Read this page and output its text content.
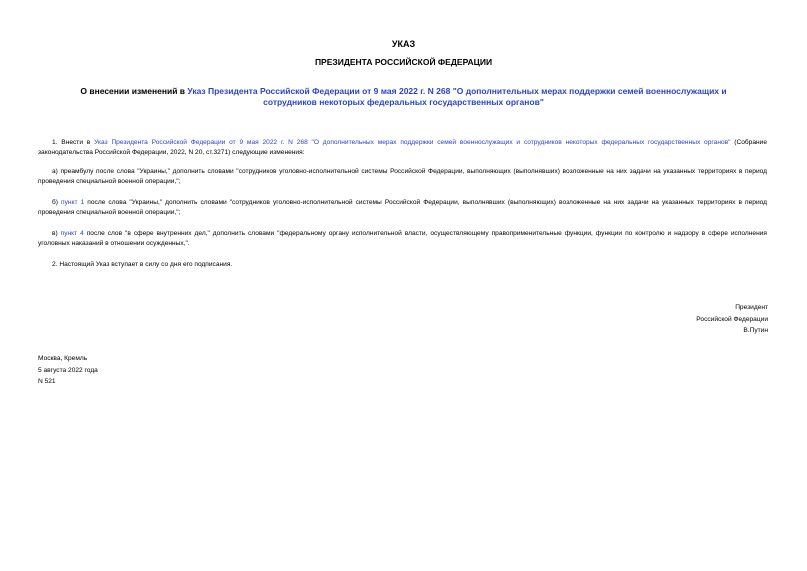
УКАЗ
ПРЕЗИДЕНТА РОССИЙСКОЙ ФЕДЕРАЦИИ
О внесении изменений в Указ Президента Российской Федерации от 9 мая 2022 г. N 268 "О дополнительных мерах поддержки семей военнослужащих и сотрудников некоторых федеральных государственных органов"
1. Внести в Указ Президента Российской Федерации от 9 мая 2022 г. N 268 "О дополнительных мерах поддержки семей военнослужащих и сотрудников некоторых федеральных государственных органов" (Собрание законодательства Российской Федерации, 2022, N 20, ст.3271) следующие изменения:
а) преамбулу после слова "Украины," дополнить словами "сотрудников уголовно-исполнительной системы Российской Федерации, выполняющих (выполнявших) возложенные на них задачи на указанных территориях в период проведения специальной военной операции,";
б) пункт 1 после слова "Украины," дополнить словами "сотрудников уголовно-исполнительной системы Российской Федерации, выполнявших (выполняющих) возложенные на них задачи на указанных территориях в период проведения специальной военной операции,";
в) пункт 4 после слов "в сфере внутренних дел," дополнить словами "федеральному органу исполнительной власти, осуществляющему правоприменительные функции, функции по контролю и надзору в сфере исполнения уголовных наказаний в отношении осужденных,".
2. Настоящий Указ вступает в силу со дня его подписания.
Президент
Российской Федерации
В.Путин
Москва, Кремль
5 августа 2022 года
N 521
